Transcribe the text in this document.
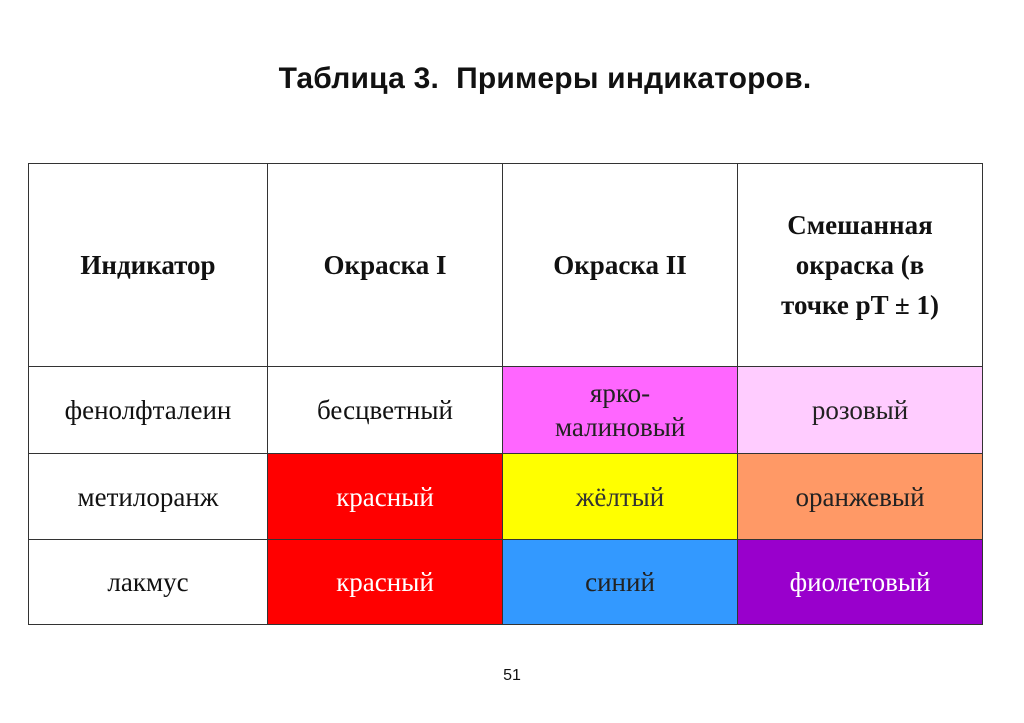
Таблица 3.  Примеры индикаторов.
Индикатор	Окраска I	Окраска II	Смешанная окраска (в точке pT ± 1)
фенолфталеин	бесцветный	ярко-малиновый	розовый
метилоранж	красный	жёлтый	оранжевый
лакмус	красный	синий	фиолетовый
51
